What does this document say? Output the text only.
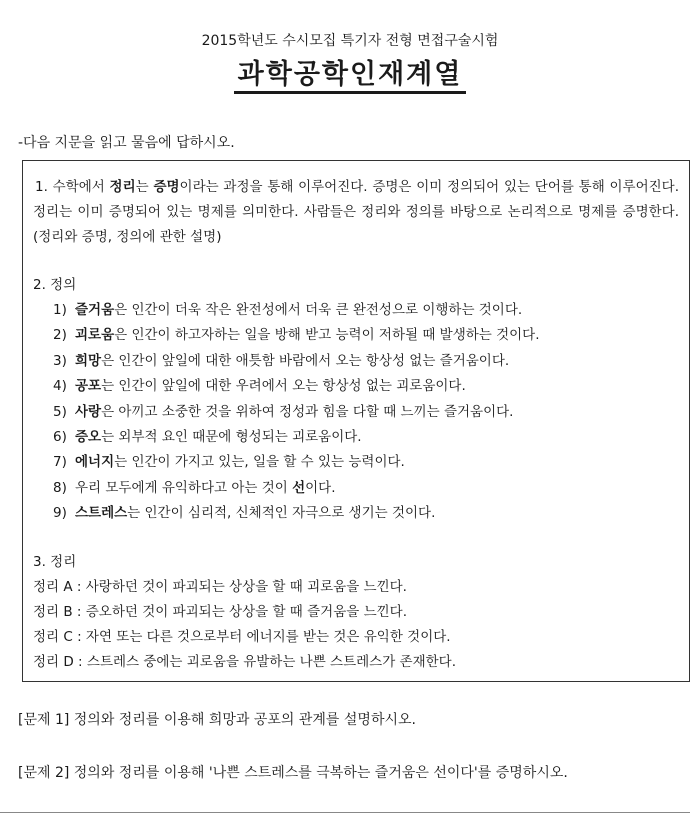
2015학년도 수시모집 특기자 전형 면접구술시험
과학공학인재계열
-다음 지문을 읽고 물음에 답하시오.
1. 수학에서 정리는 증명이라는 과정을 통해 이루어진다. 증명은 이미 정의되어 있는 단어를 통해 이루어진다. 정리는 이미 증명되어 있는 명제를 의미한다. 사람들은 정리와 정의를 바탕으로 논리적으로 명제를 증명한다.(정리와 증명, 정의에 관한 설명)
2. 정의
1) 즐거움은 인간이 더욱 작은 완전성에서 더욱 큰 완전성으로 이행하는 것이다.
2) 괴로움은 인간이 하고자하는 일을 방해 받고 능력이 저하될 때 발생하는 것이다.
3) 희망은 인간이 앞일에 대한 애틋함 바람에서 오는 항상성 없는 즐거움이다.
4) 공포는 인간이 앞일에 대한 우려에서 오는 항상성 없는 괴로움이다.
5) 사랑은 아끼고 소중한 것을 위하여 정성과 힘을 다할 때 느끼는 즐거움이다.
6) 증오는 외부적 요인 때문에 형성되는 괴로움이다.
7) 에너지는 인간이 가지고 있는, 일을 할 수 있는 능력이다.
8) 우리 모두에게 유익하다고 아는 것이 선이다.
9) 스트레스는 인간이 심리적, 신체적인 자극으로 생기는 것이다.
3. 정리
정리 A : 사랑하던 것이 파괴되는 상상을 할 때 괴로움을 느낀다.
정리 B : 증오하던 것이 파괴되는 상상을 할 때 즐거움을 느낀다.
정리 C : 자연 또는 다른 것으로부터 에너지를 받는 것은 유익한 것이다.
정리 D : 스트레스 중에는 괴로움을 유발하는 나쁜 스트레스가 존재한다.
[문제 1] 정의와 정리를 이용해 희망과 공포의 관계를 설명하시오.
[문제 2] 정의와 정리를 이용해 '나쁜 스트레스를 극복하는 즐거움은 선이다'를 증명하시오.
